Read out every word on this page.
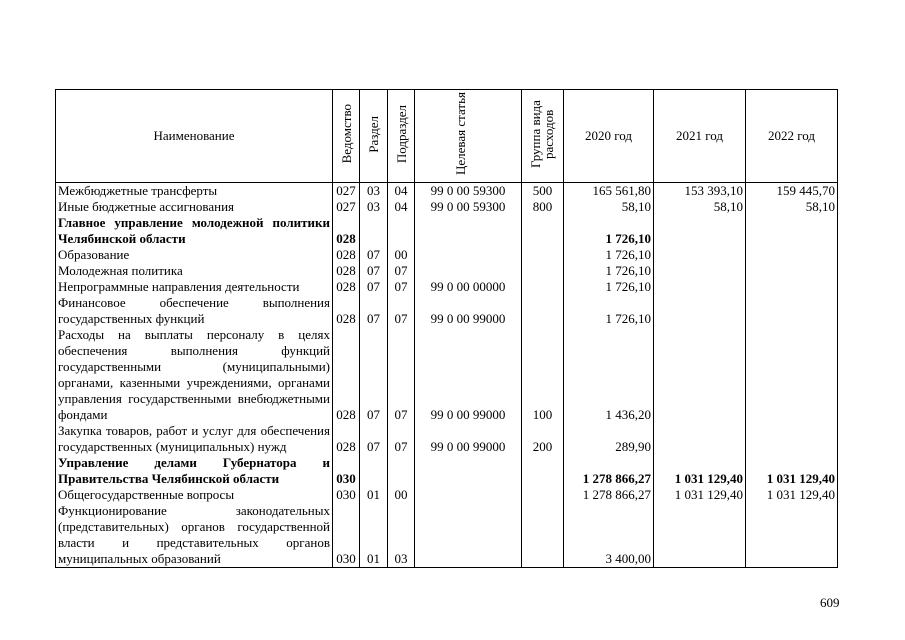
Наименование	Ведомство	Раздел	Подраздел	Целевая статья	Группа вида расходов	2020 год	2021 год	2022 год
Межбюджетные трансферты	027	03	04	99 0 00 59300	500	165 561,80	153 393,10	159 445,70
Иные бюджетные ассигнования	027	03	04	99 0 00 59300	800	58,10	58,10	58,10
Главное управление молодежной политики Челябинской области	028					1 726,10		
Образование	028	07	00			1 726,10		
Молодежная политика	028	07	07			1 726,10		
Непрограммные направления деятельности	028	07	07	99 0 00 00000		1 726,10		
Финансовое обеспечение выполнения государственных функций	028	07	07	99 0 00 99000		1 726,10		
Расходы на выплаты персоналу в целях обеспечения выполнения функций государственными (муниципальными) органами, казенными учреждениями, органами управления государственными внебюджетными фондами	028	07	07	99 0 00 99000	100	1 436,20		
Закупка товаров, работ и услуг для обеспечения государственных (муниципальных) нужд	028	07	07	99 0 00 99000	200	289,90		
Управление делами Губернатора и Правительства Челябинской области	030					1 278 866,27	1 031 129,40	1 031 129,40
Общегосударственные вопросы	030	01	00			1 278 866,27	1 031 129,40	1 031 129,40
Функционирование законодательных (представительных) органов государственной власти и представительных органов муниципальных образований	030	01	03			3 400,00		
609
